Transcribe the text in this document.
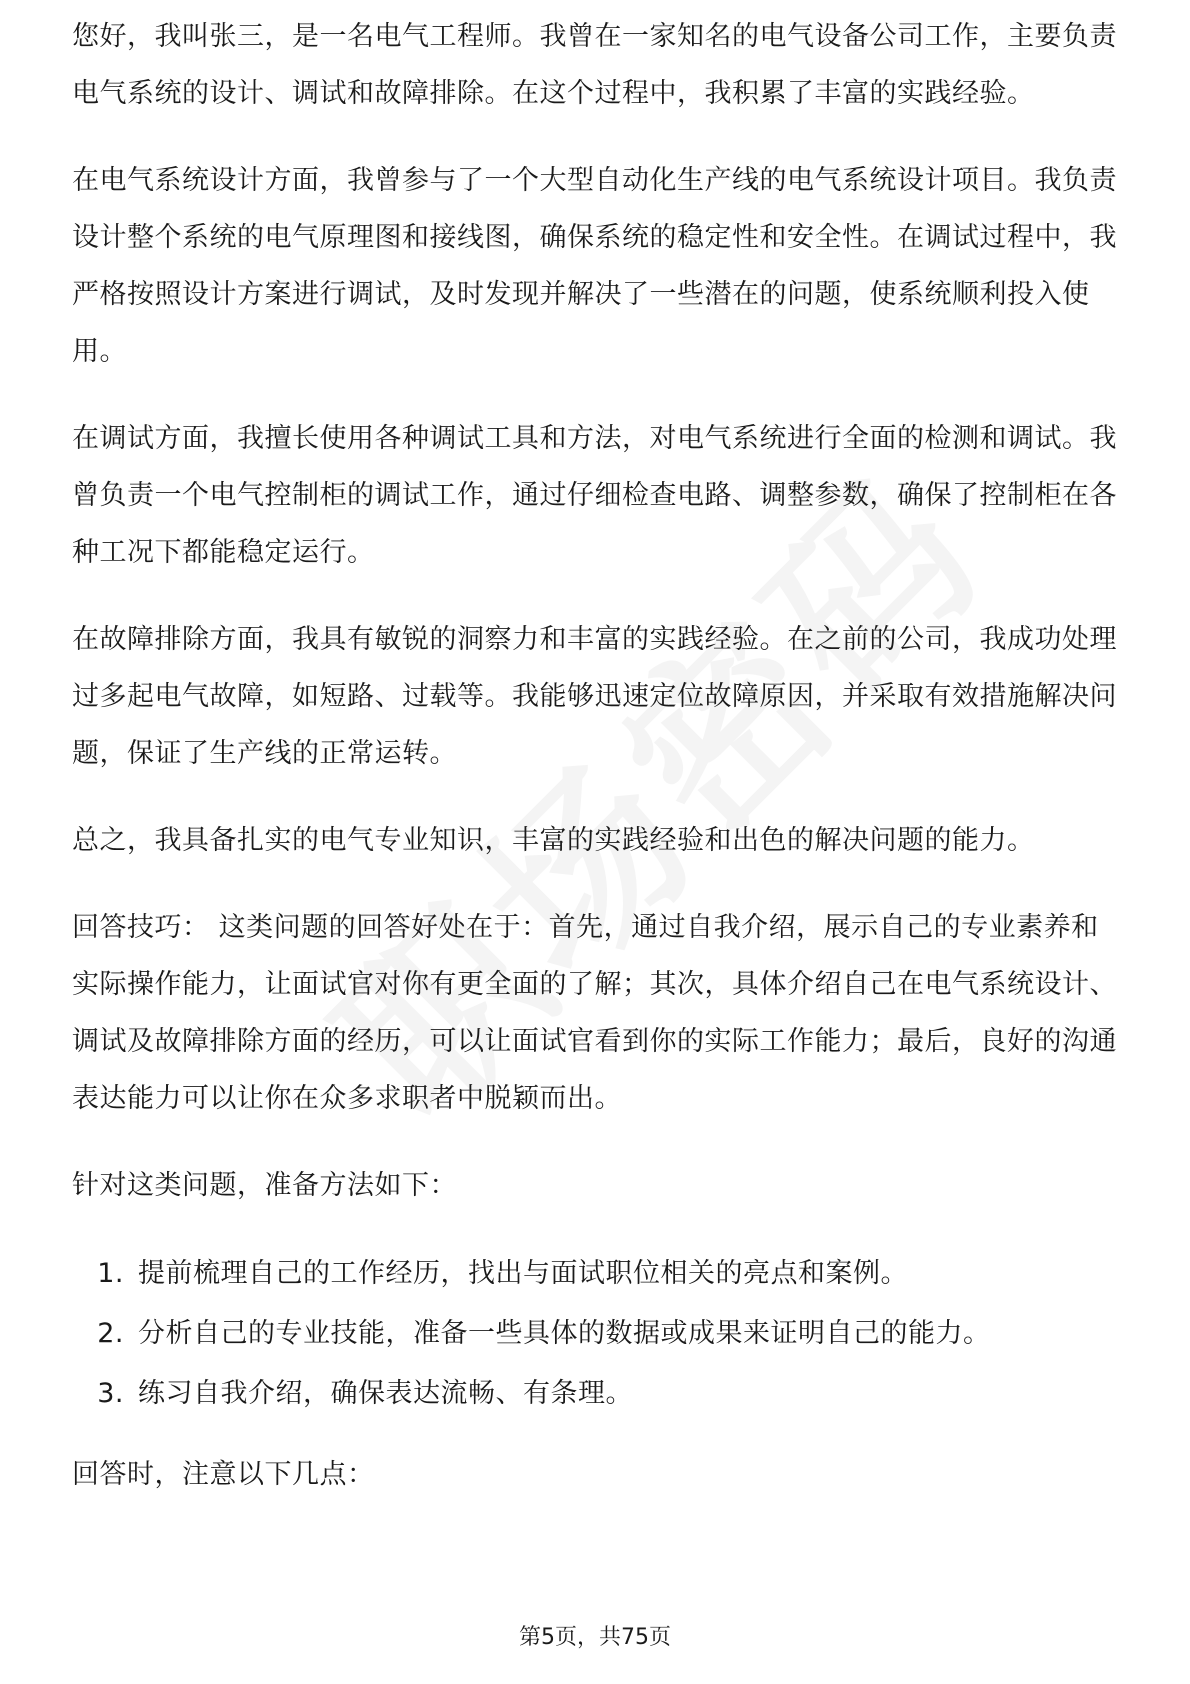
您好，我叫张三，是一名电气工程师。我曾在一家知名的电气设备公司工作，主要负责电气系统的设计、调试和故障排除。在这个过程中，我积累了丰富的实践经验。

在电气系统设计方面，我曾参与了一个大型自动化生产线的电气系统设计项目。我负责设计整个系统的电气原理图和接线图，确保系统的稳定性和安全性。在调试过程中，我严格按照设计方案进行调试，及时发现并解决了一些潜在的问题，使系统顺利投入使用。

在调试方面，我擅长使用各种调试工具和方法，对电气系统进行全面的检测和调试。我曾负责一个电气控制柜的调试工作，通过仔细检查电路、调整参数，确保了控制柜在各种工况下都能稳定运行。

在故障排除方面，我具有敏锐的洞察力和丰富的实践经验。在之前的公司，我成功处理过多起电气故障，如短路、过载等。我能够迅速定位故障原因，并采取有效措施解决问题，保证了生产线的正常运转。

总之，我具备扎实的电气专业知识，丰富的实践经验和出色的解决问题的能力。

回答技巧： 这类问题的回答好处在于：首先，通过自我介绍，展示自己的专业素养和实际操作能力，让面试官对你有更全面的了解；其次，具体介绍自己在电气系统设计、调试及故障排除方面的经历，可以让面试官看到你的实际工作能力；最后，良好的沟通表达能力可以让你在众多求职者中脱颖而出。

针对这类问题，准备方法如下：

1. 提前梳理自己的工作经历，找出与面试职位相关的亮点和案例。
2. 分析自己的专业技能，准备一些具体的数据或成果来证明自己的能力。
3. 练习自我介绍，确保表达流畅、有条理。

回答时，注意以下几点：

第5页，共75页
